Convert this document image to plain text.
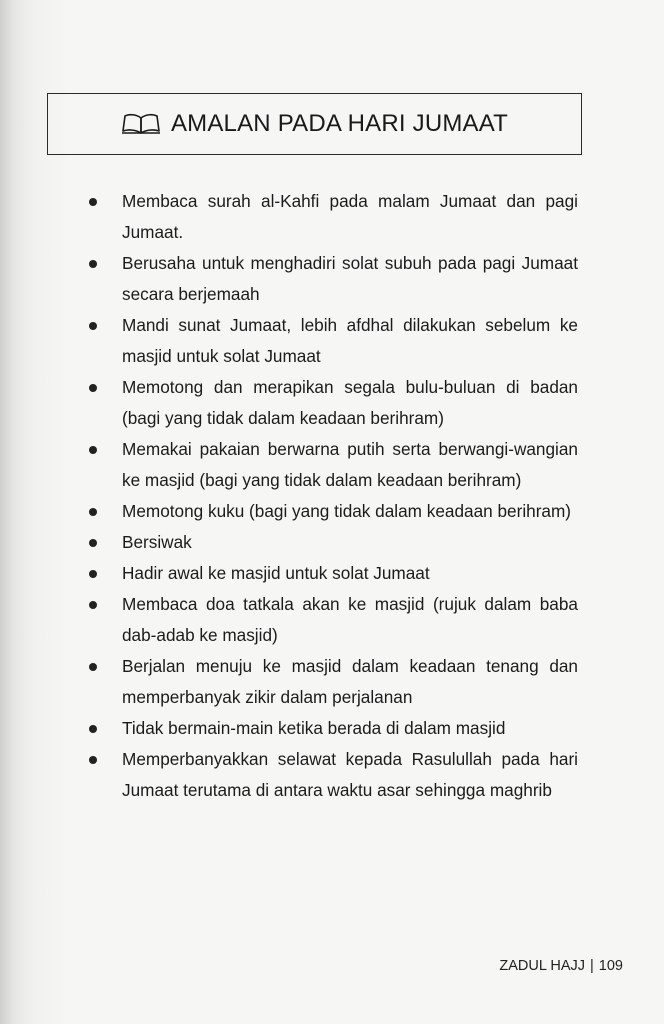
AMALAN PADA HARI JUMAAT
Membaca surah al-Kahfi pada malam Jumaat dan pagi Jumaat.
Berusaha untuk menghadiri solat subuh pada pagi Jumaat secara berjemaah
Mandi sunat Jumaat, lebih afdhal dilakukan sebelum ke masjid untuk solat Jumaat
Memotong dan merapikan segala bulu-buluan di badan (bagi yang tidak dalam keadaan berihram)
Memakai pakaian berwarna putih serta berwangi-wangian ke masjid (bagi yang tidak dalam keadaan berihram)
Memotong kuku (bagi yang tidak dalam keadaan berihram)
Bersiwak
Hadir awal ke masjid untuk solat Jumaat
Membaca doa tatkala akan ke masjid (rujuk dalam baba dab-adab ke masjid)
Berjalan menuju ke masjid dalam keadaan tenang dan memperbanyak zikir dalam perjalanan
Tidak bermain-main ketika berada di dalam masjid
Memperbanyakkan selawat kepada Rasulullah pada hari Jumaat terutama di antara waktu asar sehingga maghrib
ZADUL HAJJ | 109
